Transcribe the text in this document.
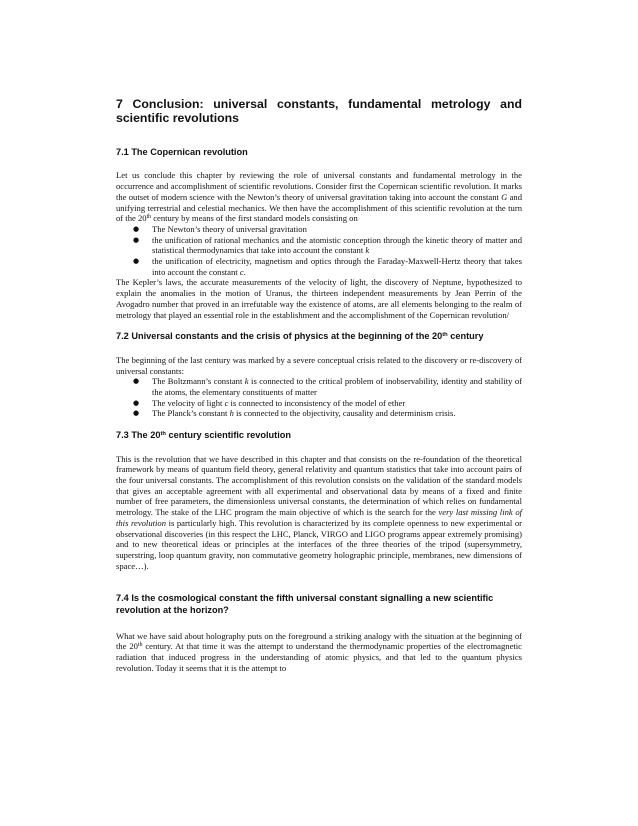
7 Conclusion: universal constants, fundamental metrology and scientific revolutions
7.1 The Copernican revolution

Let us conclude this chapter by reviewing the role of universal constants and fundamental metrology in the occurrence and accomplishment of scientific revolutions. Consider first the Copernican scientific revolution. It marks the outset of modern science with the Newton’s theory of universal gravitation taking into account the constant G and unifying terrestrial and celestial mechanics. We then have the accomplishment of this scientific revolution at the turn of the 20th century by means of the first standard models consisting on

● The Newton’s theory of universal gravitation
● the unification of rational mechanics and the atomistic conception through the kinetic theory of matter and statistical thermodynamics that take into account the constant k
● the unification of electricity, magnetism and optics through the Faraday-Maxwell-Hertz theory that takes into account the constant c.

The Kepler’s laws, the accurate measurements of the velocity of light, the discovery of Neptune, hypothesized to explain the anomalies in the motion of Uranus, the thirteen independent measurements by Jean Perrin of the Avogadro number that proved in an irrefutable way the existence of atoms, are all elements belonging to the realm of metrology that played an essential role in the establishment and the accomplishment of the Copernican revolution/

7.2 Universal constants and the crisis of physics at the beginning of the 20th century

The beginning of the last century was marked by a severe conceptual crisis related to the discovery or re-discovery of universal constants:

● The Boltzmann’s constant k is connected to the critical problem of inobservability, identity and stability of the atoms, the elementary constituents of matter
● The velocity of light c is connected to inconsistency of the model of ether
● The Planck’s constant h is connected to the objectivity, causality and determinism crisis.
7.3 The 20th century scientific revolution

This is the revolution that we have described in this chapter and that consists on the re-foundation of the theoretical framework by means of quantum field theory, general relativity and quantum statistics that take into account pairs of the four universal constants. The accomplishment of this revolution consists on the validation of the standard models that gives an acceptable agreement with all experimental and observational data by means of a fixed and finite number of free parameters, the dimensionless universal constants, the determination of which relies on fundamental metrology. The stake of the LHC program the main objective of which is the search for the very last missing link of this revolution is particularly high. This revolution is characterized by its complete openness to new experimental or observational discoveries (in this respect the LHC, Planck, VIRGO and LIGO programs appear extremely promising) and to new theoretical ideas or principles at the interfaces of the three theories of the tripod (supersymmetry, superstring, loop quantum gravity, non commutative geometry holographic principle, membranes, new dimensions of space…).

7.4 Is the cosmological constant the fifth universal constant signalling a new scientific revolution at the horizon?

What we have said about holography puts on the foreground a striking analogy with the situation at the beginning of the 20th century. At that time it was the attempt to understand the thermodynamic properties of the electromagnetic radiation that induced progress in the understanding of atomic physics, and that led to the quantum physics revolution. Today it seems that it is the attempt to
